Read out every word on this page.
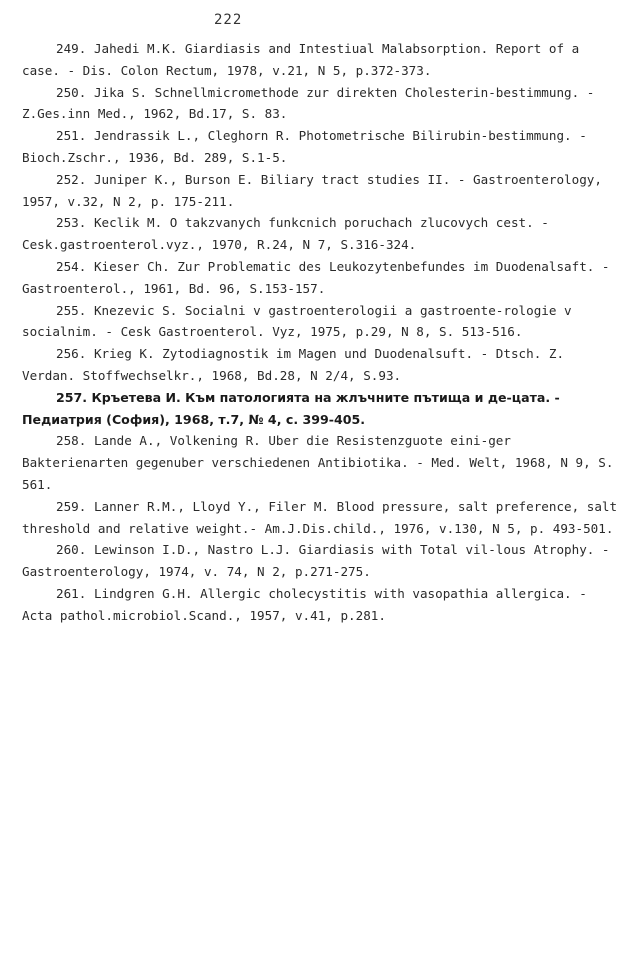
222

249. Jahedi M.K. Giardiasis and Intestiual Malabsorption. Report of a case. - Dis. Colon Rectum, 1978, v.21, N 5, p.372-373.

250. Jika S. Schnellmicromethode zur direkten Cholesterin-bestimmung. - Z.Ges.inn Med., 1962, Bd.17, S. 83.

251. Jendrassik L., Cleghorn R. Photometrische Bilirubin-bestimmung. - Bioch.Zschr., 1936, Bd. 289, S.1-5.

252. Juniper K., Burson E. Biliary tract studies II. - Gastroenterology, 1957, v.32, N 2, p. 175-211.

253. Keclik M. O takzvanych funkcnich poruchach zlucovych cest. - Cesk.gastroenterol.vyz., 1970, R.24, N 7, S.316-324.

254. Kieser Ch. Zur Problematic des Leukozytenbefundes im Duodenalsaft. - Gastroenterol., 1961, Bd. 96, S.153-157.

255. Knezevic S. Socialni v gastroenterologii a gastroente-rologie v socialnim. - Cesk Gastroenterol. Vyz, 1975, p.29, N 8, S. 513-516.

256. Krieg K. Zytodiagnostik im Magen und Duodenalsuft. - Dtsch. Z. Verdan. Stoffwechselkr., 1968, Bd.28, N 2/4, S.93.

257. Кръетева И. Към патологията на жлъчните пътища и де-цата. - Педиатрия (София), 1968, т.7, № 4, с. 399-405.

258. Lande A., Volkening R. Uber die Resistenzguote eini-ger Bakterienarten gegenuber verschiedenen Antibiotika. - Med. Welt, 1968, N 9, S. 561.

259. Lanner R.M., Lloyd Y., Filer M. Blood pressure, salt preference, salt threshold and relative weight.- Am.J.Dis.child., 1976, v.130, N 5, p. 493-501.

260. Lewinson I.D., Nastro L.J. Giardiasis with Total vil-lous Atrophy. - Gastroenterology, 1974, v. 74, N 2, p.271-275.

261. Lindgren G.H. Allergic cholecystitis with vasopathia allergica. - Acta pathol.microbiol.Scand., 1957, v.41, p.281.
